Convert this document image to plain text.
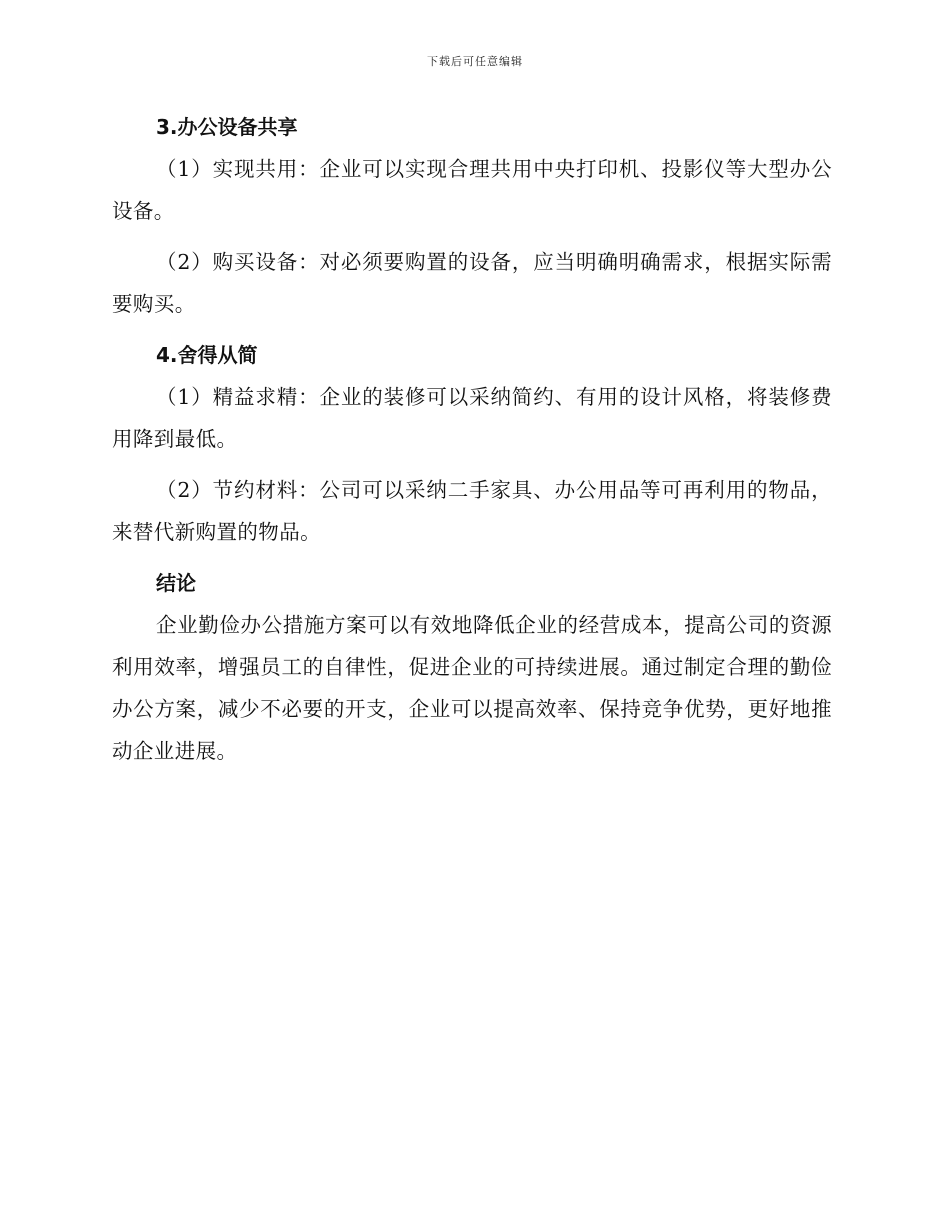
下载后可任意编辑
3.办公设备共享

（1）实现共用：企业可以实现合理共用中央打印机、投影仪等大型办公设备。

（2）购买设备：对必须要购置的设备，应当明确明确需求，根据实际需要购买。

4.舍得从简

（1）精益求精：企业的装修可以采纳简约、有用的设计风格，将装修费用降到最低。

（2）节约材料：公司可以采纳二手家具、办公用品等可再利用的物品，来替代新购置的物品。

结论

企业勤俭办公措施方案可以有效地降低企业的经营成本，提高公司的资源利用效率，增强员工的自律性，促进企业的可持续进展。通过制定合理的勤俭办公方案，减少不必要的开支，企业可以提高效率、保持竞争优势，更好地推动企业进展。
